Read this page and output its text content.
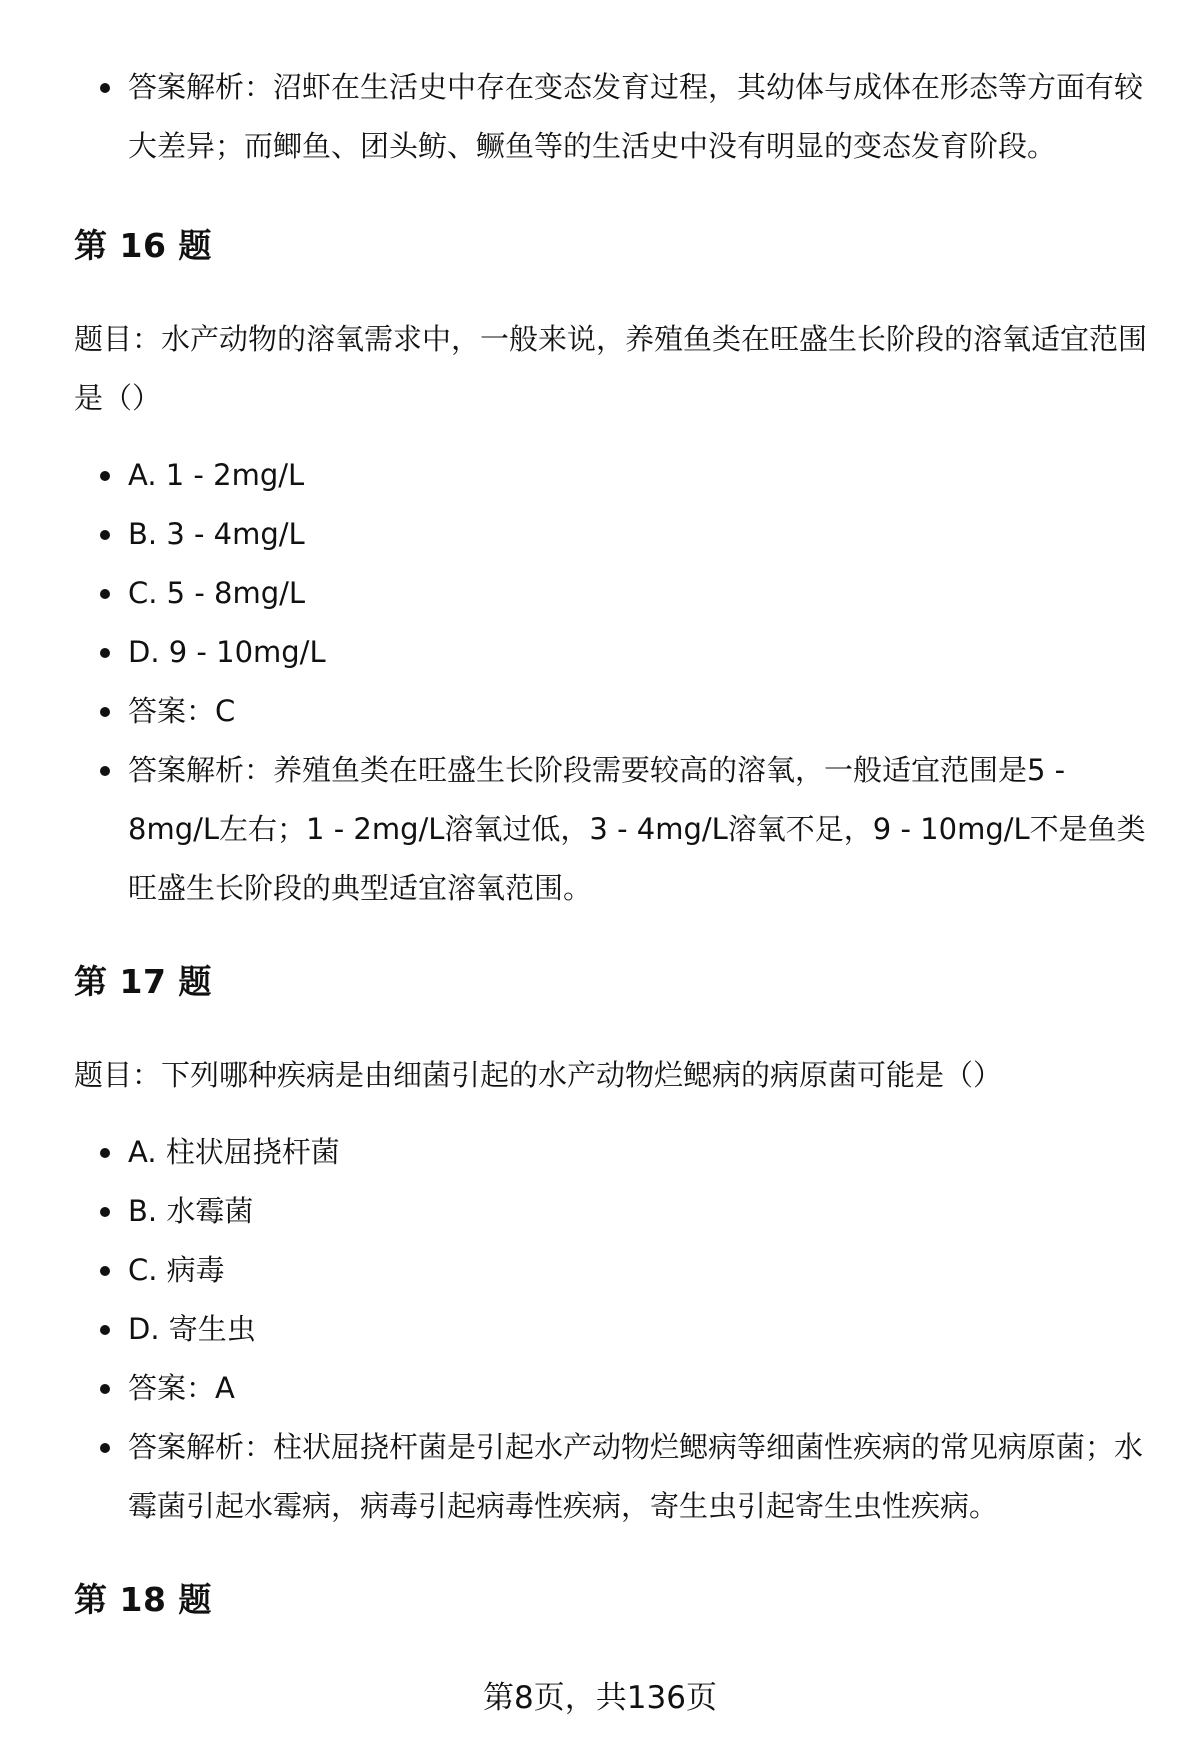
答案解析：沼虾在生活史中存在变态发育过程，其幼体与成体在形态等方面有较大差异；而鲫鱼、团头鲂、鳜鱼等的生活史中没有明显的变态发育阶段。
第 16 题

题目：水产动物的溶氧需求中，一般来说，养殖鱼类在旺盛生长阶段的溶氧适宜范围是（）

A. 1 - 2mg/L
B. 3 - 4mg/L
C. 5 - 8mg/L
D. 9 - 10mg/L
答案：C
答案解析：养殖鱼类在旺盛生长阶段需要较高的溶氧，一般适宜范围是5 - 8mg/L左右；1 - 2mg/L溶氧过低，3 - 4mg/L溶氧不足，9 - 10mg/L不是鱼类旺盛生长阶段的典型适宜溶氧范围。
第 17 题

题目：下列哪种疾病是由细菌引起的水产动物烂鳃病的病原菌可能是（）

A. 柱状屈挠杆菌
B. 水霉菌
C. 病毒
D. 寄生虫
答案：A
答案解析：柱状屈挠杆菌是引起水产动物烂鳃病等细菌性疾病的常见病原菌；水霉菌引起水霉病，病毒引起病毒性疾病，寄生虫引起寄生虫性疾病。
第 18 题
第8页，共136页
